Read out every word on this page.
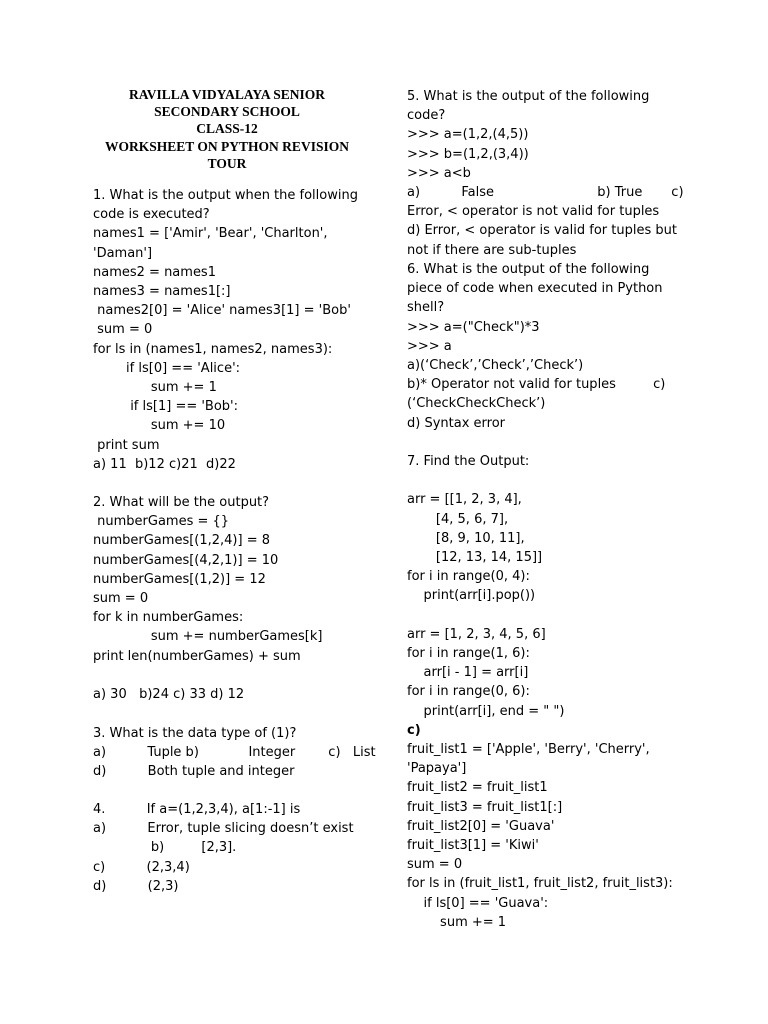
RAVILLA VIDYALAYA SENIOR
SECONDARY SCHOOL
CLASS-12
WORKSHEET ON PYTHON REVISION
TOUR
1. What is the output when the following
code is executed?
names1 = ['Amir', 'Bear', 'Charlton',
'Daman']
names2 = names1
names3 = names1[:]
names2[0] = 'Alice' names3[1] = 'Bob'
sum = 0
for ls in (names1, names2, names3):
if ls[0] == 'Alice':
sum += 1
if ls[1] == 'Bob':
sum += 10
print sum
a) 11  b)12 c)21  d)22
2. What will be the output?
numberGames = {}
numberGames[(1,2,4)] = 8
numberGames[(4,2,1)] = 10
numberGames[(1,2)] = 12
sum = 0
for k in numberGames:
sum += numberGames[k]
print len(numberGames) + sum
a) 30   b)24 c) 33 d) 12
3. What is the data type of (1)?
a)          Tuple b)            Integer        c)   List
d)          Both tuple and integer
4.          If a=(1,2,3,4), a[1:-1] is
a)          Error, tuple slicing doesn’t exist
b)         [2,3].
c)          (2,3,4)
d)          (2,3)
5. What is the output of the following
code?
>>> a=(1,2,(4,5))
>>> b=(1,2,(3,4))
>>> a<b
a)          False                         b) True       c)
Error, < operator is not valid for tuples
d) Error, < operator is valid for tuples but
not if there are sub-tuples
6. What is the output of the following
piece of code when executed in Python
shell?
>>> a=("Check")*3
>>> a
a)(‘Check’,’Check’,’Check’)
b)* Operator not valid for tuples         c)
(‘CheckCheckCheck’)
d) Syntax error
7. Find the Output:
arr = [[1, 2, 3, 4],
[4, 5, 6, 7],
[8, 9, 10, 11],
[12, 13, 14, 15]]
for i in range(0, 4):
print(arr[i].pop())
arr = [1, 2, 3, 4, 5, 6]
for i in range(1, 6):
arr[i - 1] = arr[i]
for i in range(0, 6):
print(arr[i], end = " ")
c)
fruit_list1 = ['Apple', 'Berry', 'Cherry',
'Papaya']
fruit_list2 = fruit_list1
fruit_list3 = fruit_list1[:]
fruit_list2[0] = 'Guava'
fruit_list3[1] = 'Kiwi'
sum = 0
for ls in (fruit_list1, fruit_list2, fruit_list3):
if ls[0] == 'Guava':
sum += 1
